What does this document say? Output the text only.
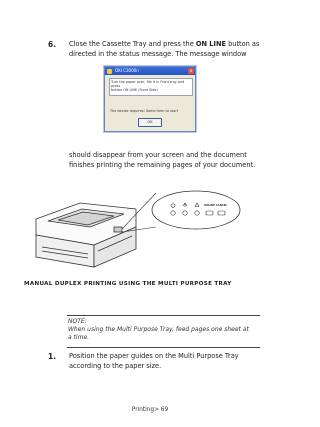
6. Close the Cassette Tray and press the ON LINE button as
directed in the status message. The message window
OKI C3000n	x
Turn the paper over, file it in Front tray and press
button ON LINE (Front Side)
The device requires! Some form to start
OK
should disappear from your screen and the document
finishes printing the remaining pages of your document.
ONLINE CANCEL
MANUAL DUPLEX PRINTING USING THE MULTI PURPOSE TRAY
NOTE:
When using the Multi Purpose Tray, feed pages one sheet at
a time.
1. Position the paper guides on the Multi Purpose Tray
according to the paper size.
Printing> 69
